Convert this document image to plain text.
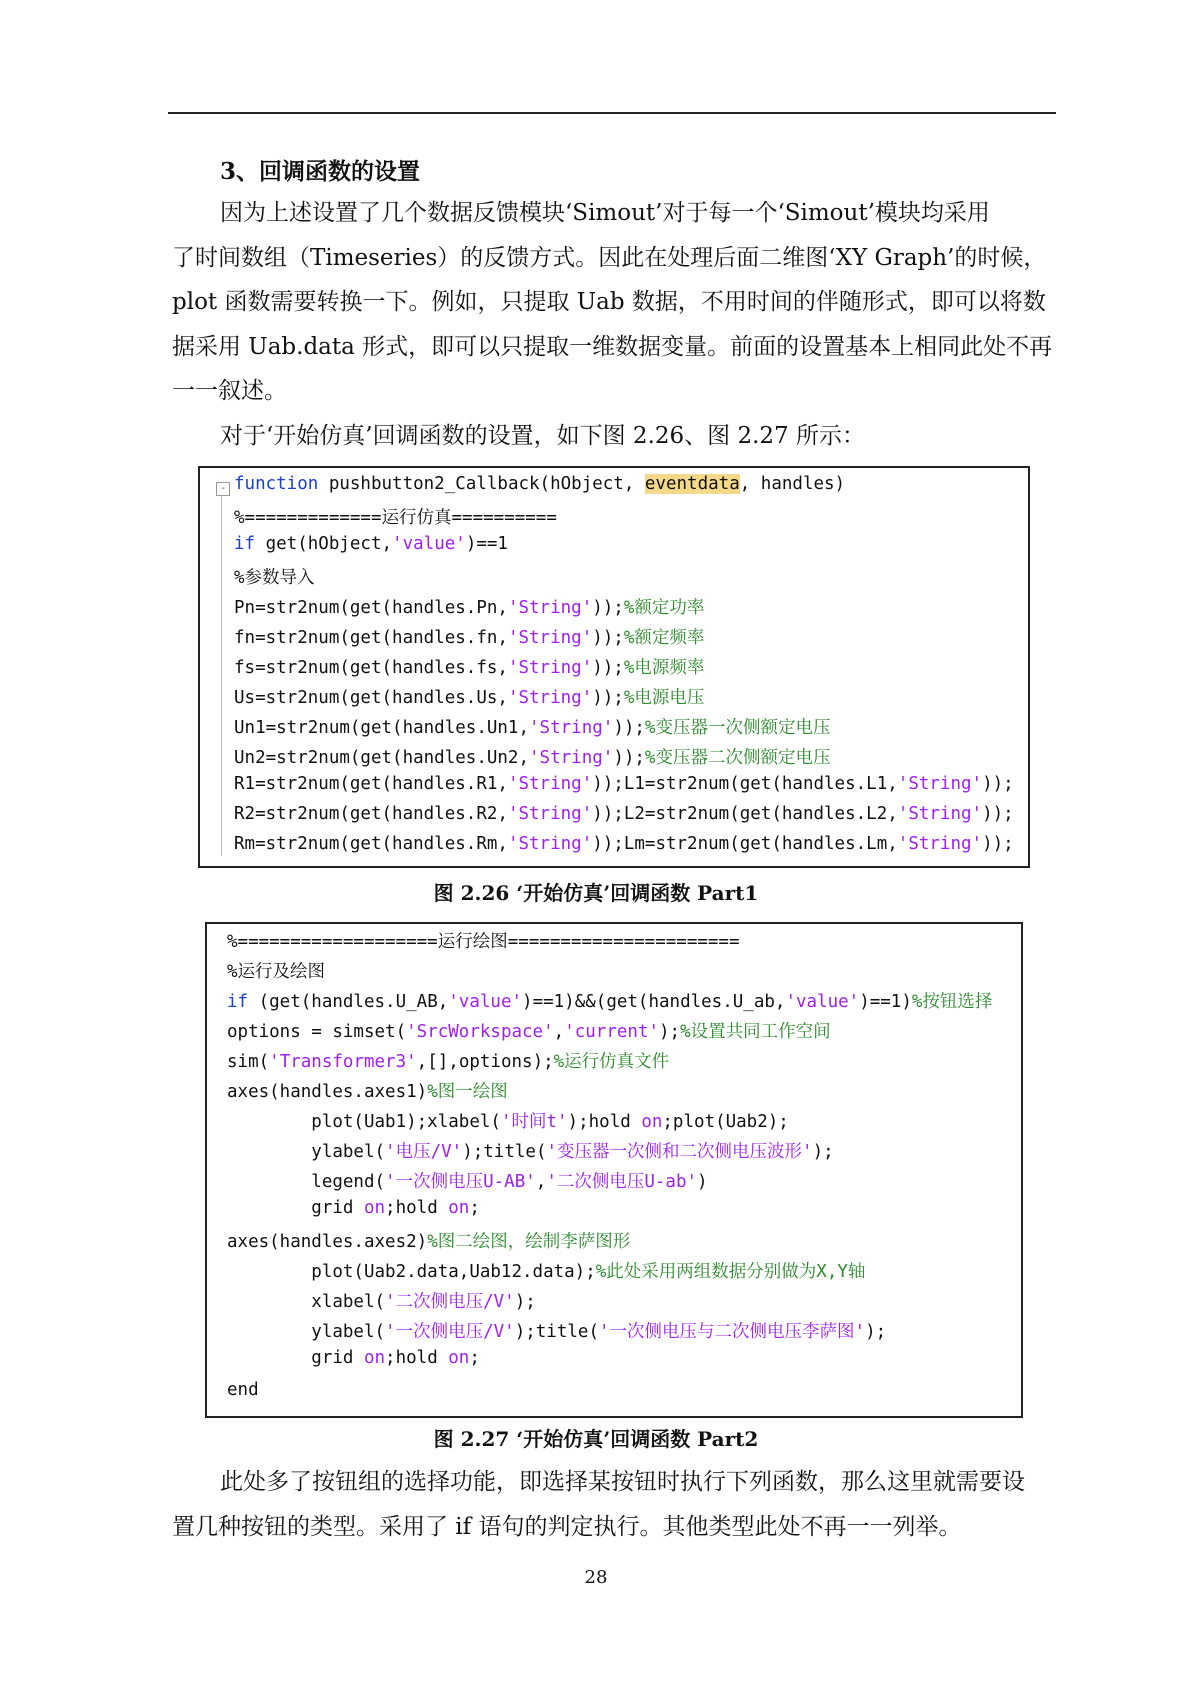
3、回调函数的设置
因为上述设置了几个数据反馈模块‘Simout’对于每一个‘Simout’模块均采用
了时间数组（Timeseries）的反馈方式。因此在处理后面二维图‘XY Graph’的时候，
plot 函数需要转换一下。例如，只提取 Uab 数据，不用时间的伴随形式，即可以将数
据采用 Uab.data 形式，即可以只提取一维数据变量。前面的设置基本上相同此处不再
一一叙述。
对于‘开始仿真’回调函数的设置，如下图 2.26、图 2.27 所示：
- function pushbutton2_Callback(hObject, eventdata, handles)
%=============运行仿真==========
if get(hObject,'value')==1
%参数导入
Pn=str2num(get(handles.Pn,'String'));%额定功率
fn=str2num(get(handles.fn,'String'));%额定频率
fs=str2num(get(handles.fs,'String'));%电源频率
Us=str2num(get(handles.Us,'String'));%电源电压
Un1=str2num(get(handles.Un1,'String'));%变压器一次侧额定电压
Un2=str2num(get(handles.Un2,'String'));%变压器二次侧额定电压
R1=str2num(get(handles.R1,'String'));L1=str2num(get(handles.L1,'String'));
R2=str2num(get(handles.R2,'String'));L2=str2num(get(handles.L2,'String'));
Rm=str2num(get(handles.Rm,'String'));Lm=str2num(get(handles.Lm,'String'));
图 2.26 ‘开始仿真’回调函数 Part1
%===================运行绘图======================
%运行及绘图
if (get(handles.U_AB,'value')==1)&&(get(handles.U_ab,'value')==1)%按钮选择
options = simset('SrcWorkspace','current');%设置共同工作空间
sim('Transformer3',[],options);%运行仿真文件
axes(handles.axes1)%图一绘图
plot(Uab1);xlabel('时间t');hold on;plot(Uab2);
ylabel('电压/V');title('变压器一次侧和二次侧电压波形');
legend('一次侧电压U-AB','二次侧电压U-ab')
grid on;hold on;
axes(handles.axes2)%图二绘图，绘制李萨图形
plot(Uab2.data,Uab12.data);%此处采用两组数据分别做为X,Y轴
xlabel('二次侧电压/V');
ylabel('一次侧电压/V');title('一次侧电压与二次侧电压李萨图');
grid on;hold on;
end
图 2.27 ‘开始仿真’回调函数 Part2
此处多了按钮组的选择功能，即选择某按钮时执行下列函数，那么这里就需要设
置几种按钮的类型。采用了 if 语句的判定执行。其他类型此处不再一一列举。
28
